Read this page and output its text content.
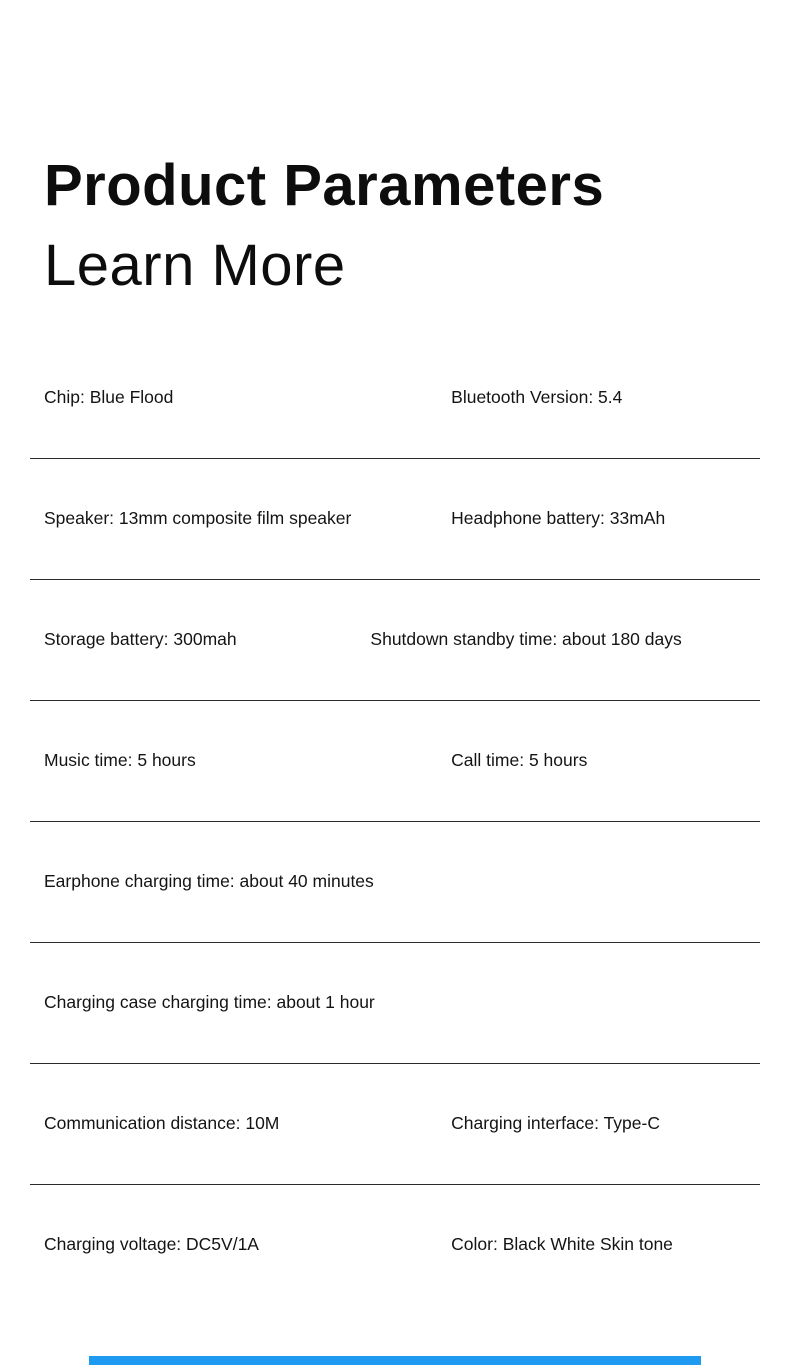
Product Parameters
Learn More
Chip: Blue Flood	Bluetooth Version: 5.4
Speaker: 13mm composite film speaker	Headphone battery: 33mAh
Storage battery: 300mah	Shutdown standby time: about 180 days
Music time: 5 hours	Call time: 5 hours
Earphone charging time: about 40 minutes
Charging case charging time: about 1 hour
Communication distance: 10M	Charging interface: Type-C
Charging voltage: DC5V/1A	Color: Black White Skin tone
